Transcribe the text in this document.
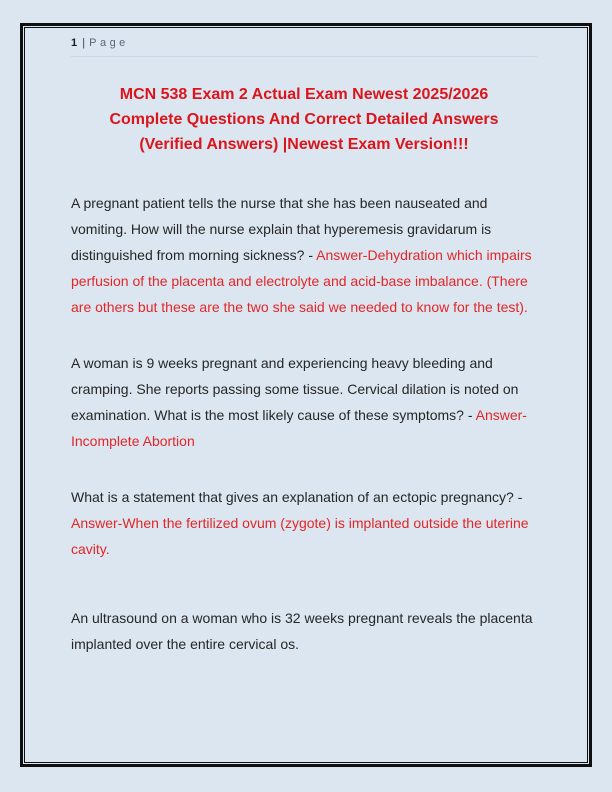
1 | Page
MCN 538 Exam 2 Actual Exam Newest 2025/2026
Complete Questions And Correct Detailed Answers
(Verified Answers) |Newest Exam Version!!!

A pregnant patient tells the nurse that she has been nauseated and vomiting. How will the nurse explain that hyperemesis gravidarum is distinguished from morning sickness? - Answer-Dehydration which impairs perfusion of the placenta and electrolyte and acid-base imbalance. (There are others but these are the two she said we needed to know for the test).

A woman is 9 weeks pregnant and experiencing heavy bleeding and cramping. She reports passing some tissue. Cervical dilation is noted on examination. What is the most likely cause of these symptoms? - Answer-Incomplete Abortion

What is a statement that gives an explanation of an ectopic pregnancy? - Answer-When the fertilized ovum (zygote) is implanted outside the uterine cavity.

An ultrasound on a woman who is 32 weeks pregnant reveals the placenta implanted over the entire cervical os.
